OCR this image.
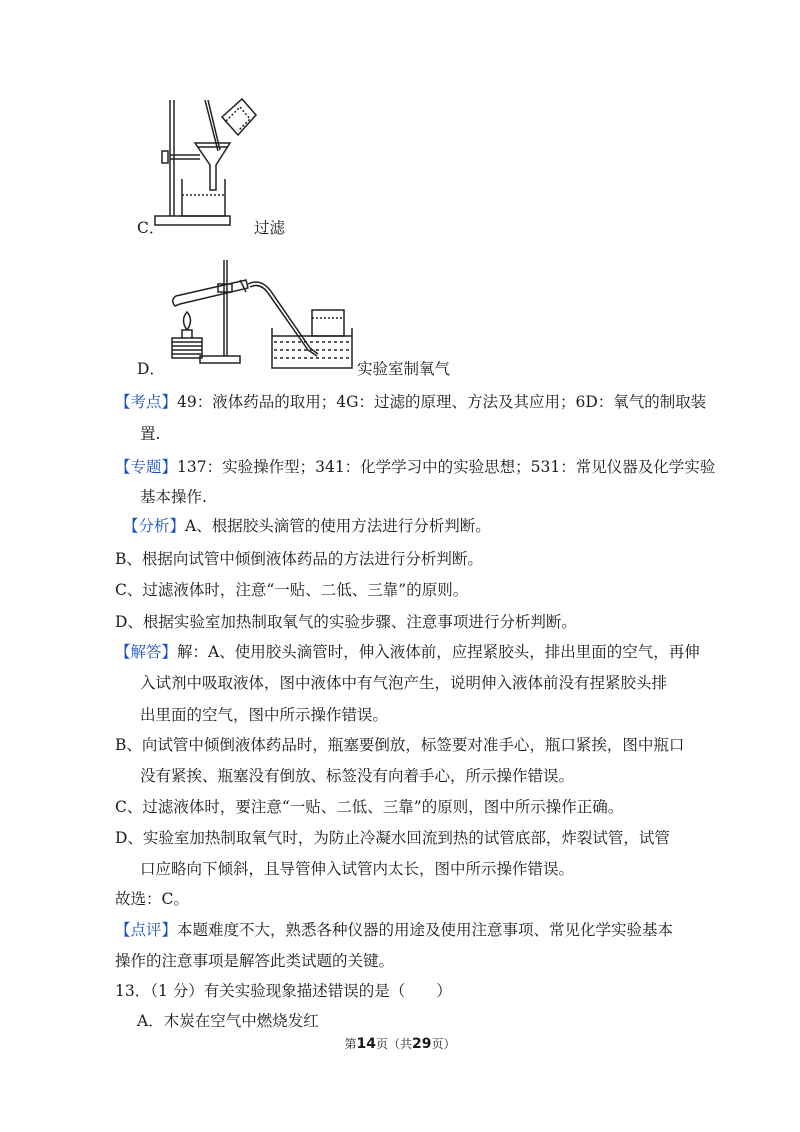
C．	过滤
D．	实验室制氧气
【考点】49：液体药品的取用；4G：过滤的原理、方法及其应用；6D：氧气的制取装
置.
【专题】137：实验操作型；341：化学学习中的实验思想；531：常见仪器及化学实验
基本操作.
【分析】A、根据胶头滴管的使用方法进行分析判断。
B、根据向试管中倾倒液体药品的方法进行分析判断。
C、过滤液体时，注意“一贴、二低、三靠”的原则。
D、根据实验室加热制取氧气的实验步骤、注意事项进行分析判断。
【解答】解：A、使用胶头滴管时，伸入液体前，应捏紧胶头，排出里面的空气，再伸
入试剂中吸取液体，图中液体中有气泡产生，说明伸入液体前没有捏紧胶头排
出里面的空气，图中所示操作错误。
B、向试管中倾倒液体药品时，瓶塞要倒放，标签要对准手心，瓶口紧挨，图中瓶口
没有紧挨、瓶塞没有倒放、标签没有向着手心，所示操作错误。
C、过滤液体时，要注意“一贴、二低、三靠”的原则，图中所示操作正确。
D、实验室加热制取氧气时，为防止冷凝水回流到热的试管底部，炸裂试管，试管
口应略向下倾斜，且导管伸入试管内太长，图中所示操作错误。
故选：C。
【点评】本题难度不大，熟悉各种仪器的用途及使用注意事项、常见化学实验基本
操作的注意事项是解答此类试题的关键。
13．（1 分）有关实验现象描述错误的是（　　）
A．木炭在空气中燃烧发红
第14页（共29页）
